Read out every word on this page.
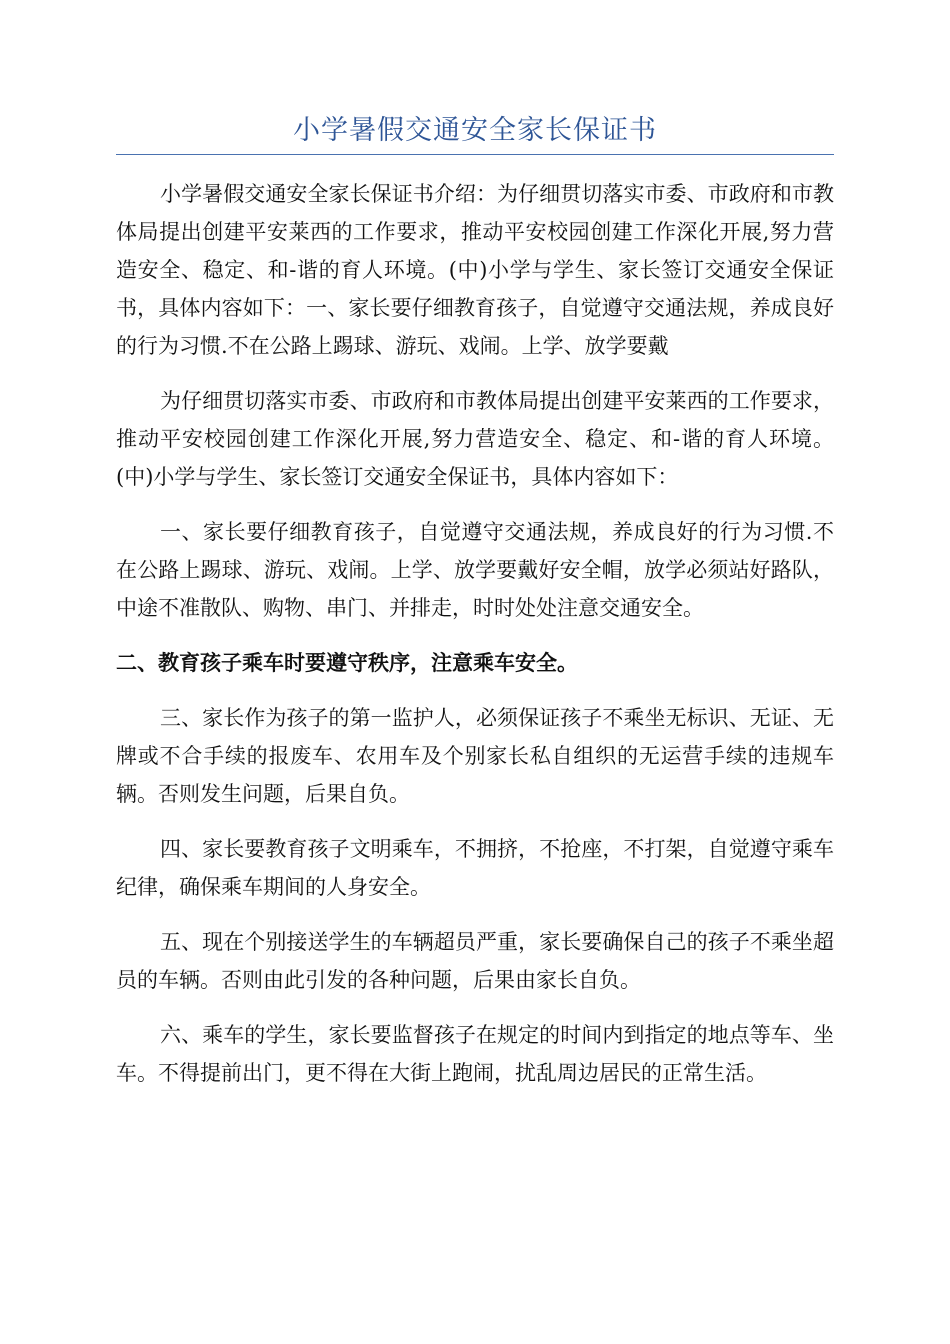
小学暑假交通安全家长保证书

小学暑假交通安全家长保证书介绍：为仔细贯切落实市委、市政府和市教体局提出创建平安莱西的工作要求，推动平安校园创建工作深化开展,努力营造安全、稳定、和-谐的育人环境。(中)小学与学生、家长签订交通安全保证书，具体内容如下：一、家长要仔细教育孩子，自觉遵守交通法规，养成良好的行为习惯.不在公路上踢球、游玩、戏闹。上学、放学要戴

为仔细贯切落实市委、市政府和市教体局提出创建平安莱西的工作要求，推动平安校园创建工作深化开展,努力营造安全、稳定、和-谐的育人环境。(中)小学与学生、家长签订交通安全保证书，具体内容如下：

一、家长要仔细教育孩子，自觉遵守交通法规，养成良好的行为习惯.不在公路上踢球、游玩、戏闹。上学、放学要戴好安全帽，放学必须站好路队，中途不准散队、购物、串门、并排走，时时处处注意交通安全。

二、教育孩子乘车时要遵守秩序，注意乘车安全。

三、家长作为孩子的第一监护人，必须保证孩子不乘坐无标识、无证、无牌或不合手续的报废车、农用车及个别家长私自组织的无运营手续的违规车辆。否则发生问题，后果自负。

四、家长要教育孩子文明乘车，不拥挤，不抢座，不打架，自觉遵守乘车纪律，确保乘车期间的人身安全。

五、现在个别接送学生的车辆超员严重，家长要确保自己的孩子不乘坐超员的车辆。否则由此引发的各种问题，后果由家长自负。

六、乘车的学生，家长要监督孩子在规定的时间内到指定的地点等车、坐车。不得提前出门，更不得在大街上跑闹，扰乱周边居民的正常生活。
